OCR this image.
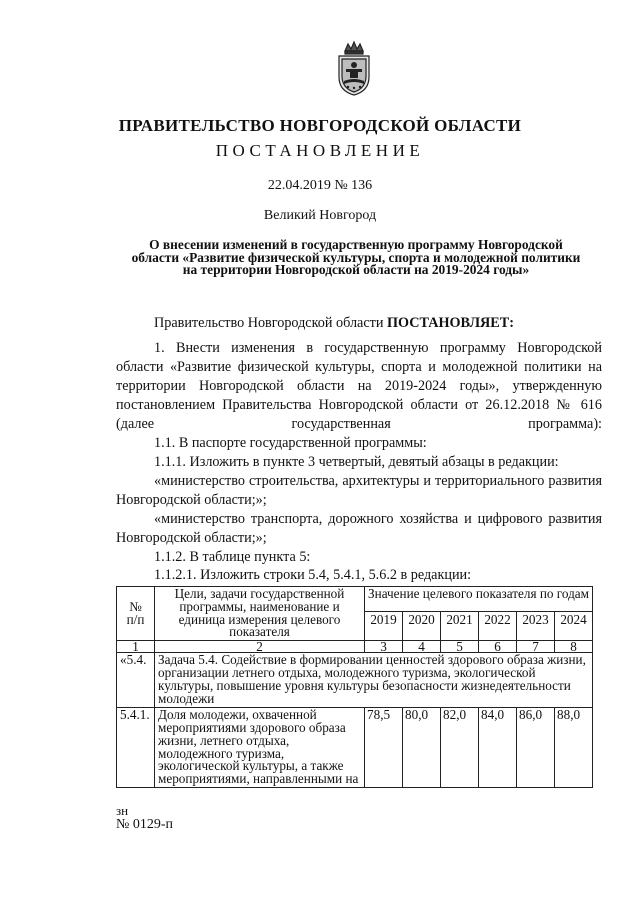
ПРАВИТЕЛЬСТВО НОВГОРОДСКОЙ ОБЛАСТИ
ПОСТАНОВЛЕНИЕ
22.04.2019 № 136
Великий Новгород
О внесении изменений в государственную программу Новгородской области «Развитие физической культуры, спорта и молодежной политики на территории Новгородской области на 2019-2024 годы»
Правительство Новгородской области ПОСТАНОВЛЯЕТ:

1. Внести изменения в государственную программу Новгородской области «Развитие физической культуры, спорта и молодежной политики на территории Новгородской области на 2019-2024 годы», утвержденную постановлением Правительства Новгородской области от 26.12.2018 № 616 (далее государственная программа):

1.1. В паспорте государственной программы:

1.1.1. Изложить в пункте 3 четвертый, девятый абзацы в редакции:

«министерство строительства, архитектуры и территориального развития Новгородской области;»;

«министерство транспорта, дорожного хозяйства и цифрового развития Новгородской области;»;

1.1.2. В таблице пункта 5:

1.1.2.1. Изложить строки 5.4, 5.4.1, 5.6.2 в редакции:

№
п/п	Цели, задачи государственной программы, наименование и единица измерения целевого показателя	Значение целевого показателя по годам					
		2019	2020	2021	2022	2023	2024
1	2	3	4	5	6	7	8
«5.4.	Задача 5.4. Содействие в формировании ценностей здорового образа жизни, организации летнего отдыха, молодежного туризма, экологической культуры, повышение уровня культуры безопасности жизнедеятельности молодежи						
5.4.1.	Доля молодежи, охваченной мероприятиями здорового образа жизни, летнего отдыха, молодежного туризма, экологической культуры, а также мероприятиями, направленными на	78,5	80,0	82,0	84,0	86,0	88,0
зн
№ 0129-п
